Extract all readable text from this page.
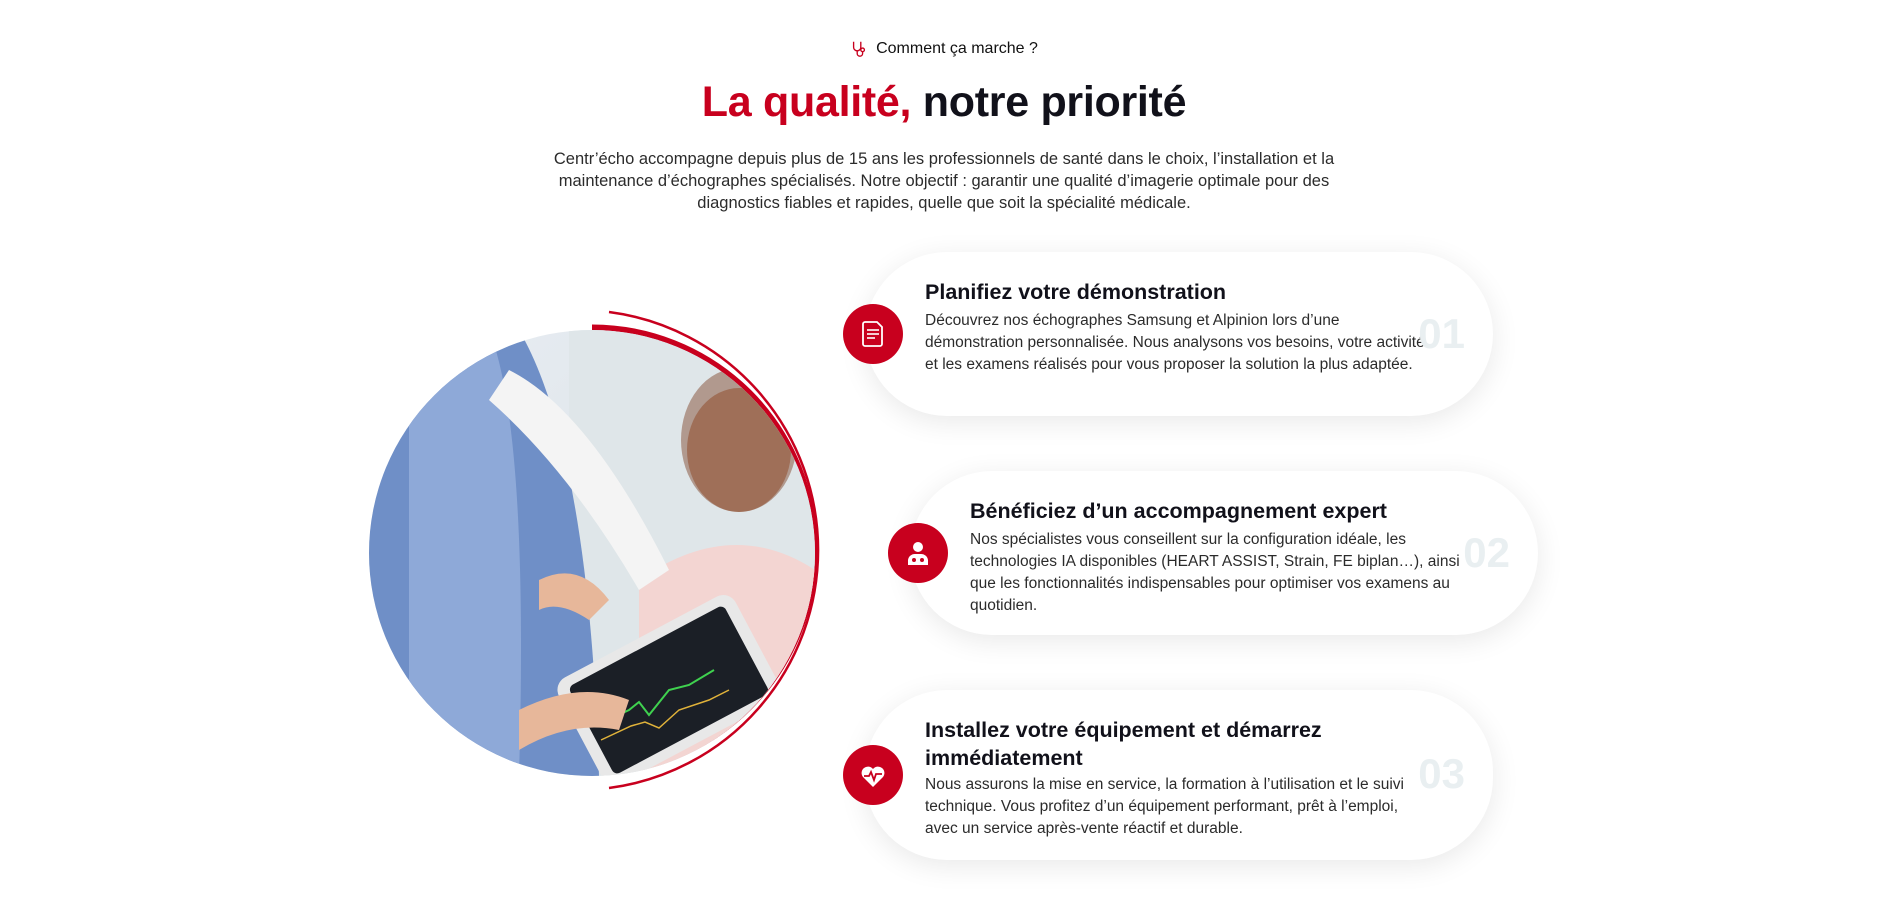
Comment ça marche ?
La qualité, notre priorité

Centr’écho accompagne depuis plus de 15 ans les professionnels de santé dans le choix, l’installation et la maintenance d’échographes spécialisés. Notre objectif : garantir une qualité d’imagerie optimale pour des diagnostics fiables et rapides, quelle que soit la spécialité médicale.

Planifiez votre démonstration

Découvrez nos échographes Samsung et Alpinion lors d’une démonstration personnalisée. Nous analysons vos besoins, votre activité et les examens réalisés pour vous proposer la solution la plus adaptée.

01
Bénéficiez d’un accompagnement expert

Nos spécialistes vous conseillent sur la configuration idéale, les technologies IA disponibles (HEART ASSIST, Strain, FE biplan…), ainsi que les fonctionnalités indispensables pour optimiser vos examens au quotidien.

02
Installez votre équipement et démarrez immédiatement

Nous assurons la mise en service, la formation à l’utilisation et le suivi technique. Vous profitez d’un équipement performant, prêt à l’emploi, avec un service après-vente réactif et durable.

03
